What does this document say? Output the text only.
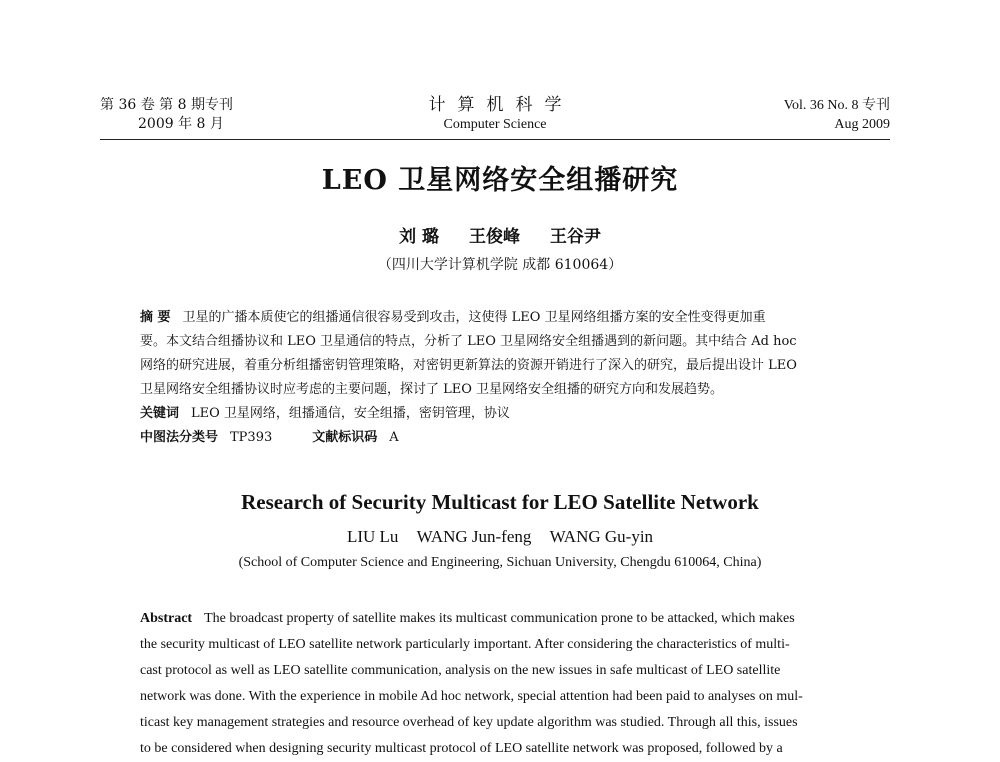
第 36 卷 第 8 期专刊
2009 年 8 月
计算机科学
Computer Science
Vol. 36 No. 8 专刊
Aug 2009
LEO 卫星网络安全组播研究
刘 璐 王俊峰 王谷尹
（四川大学计算机学院 成都 610064）

摘 要 卫星的广播本质使它的组播通信很容易受到攻击，这使得 LEO 卫星网络组播方案的安全性变得更加重

要。本文结合组播协议和 LEO 卫星通信的特点，分析了 LEO 卫星网络安全组播遇到的新问题。其中结合 Ad hoc

网络的研究进展，着重分析组播密钥管理策略，对密钥更新算法的资源开销进行了深入的研究，最后提出设计 LEO

卫星网络安全组播协议时应考虑的主要问题，探讨了 LEO 卫星网络安全组播的研究方向和发展趋势。

关键词 LEO 卫星网络，组播通信，安全组播，密钥管理，协议

中图法分类号 TP393	文献标识码 A

Research of Security Multicast for LEO Satellite Network
LIU Lu WANG Jun-feng WANG Gu-yin
(School of Computer Science and Engineering, Sichuan University, Chengdu 610064, China)

Abstract The broadcast property of satellite makes its multicast communication prone to be attacked, which makes

the security multicast of LEO satellite network particularly important. After considering the characteristics of multi-

cast protocol as well as LEO satellite communication, analysis on the new issues in safe multicast of LEO satellite

network was done. With the experience in mobile Ad hoc network, special attention had been paid to analyses on mul-

ticast key management strategies and resource overhead of key update algorithm was studied. Through all this, issues

to be considered when designing security multicast protocol of LEO satellite network was proposed, followed by a
